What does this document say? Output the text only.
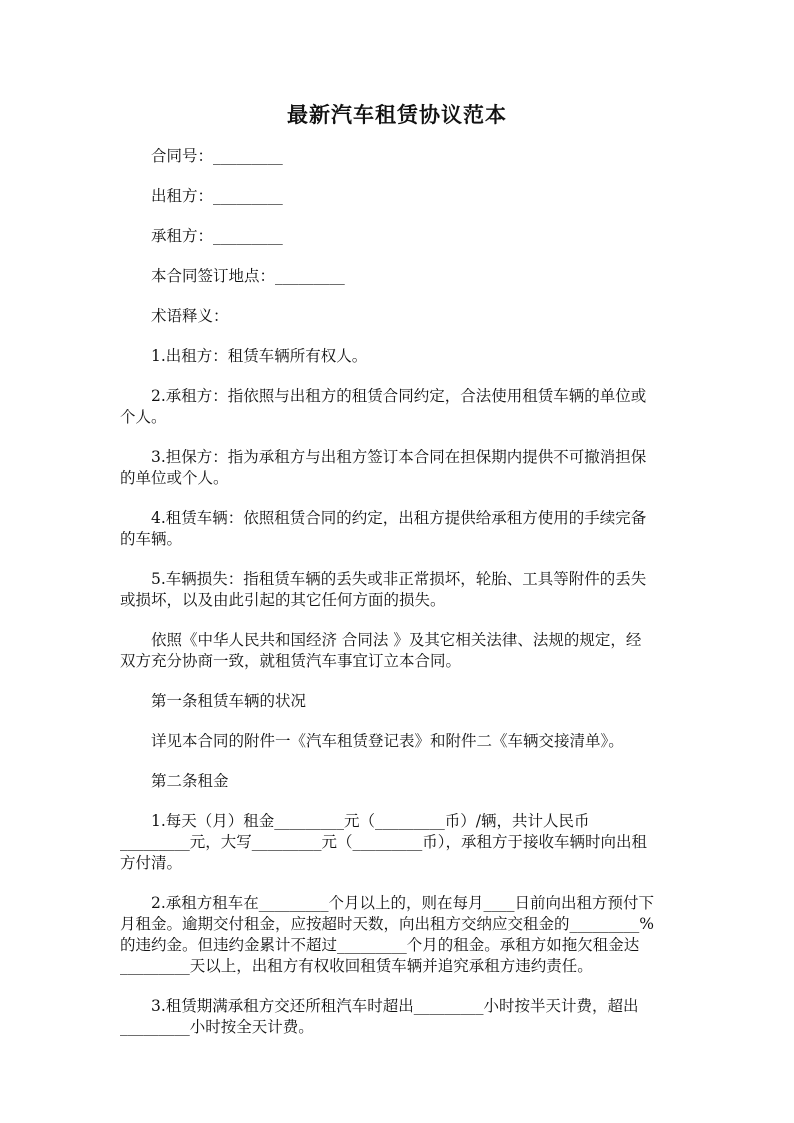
最新汽车租赁协议范本
合同号：_________
出租方：_________
承租方：_________
本合同签订地点：_________
术语释义：
1.出租方：租赁车辆所有权人。
2.承租方：指依照与出租方的租赁合同约定，合法使用租赁车辆的单位或
个人。
3.担保方：指为承租方与出租方签订本合同在担保期内提供不可撤消担保
的单位或个人。
4.租赁车辆：依照租赁合同的约定，出租方提供给承租方使用的手续完备
的车辆。
5.车辆损失：指租赁车辆的丢失或非正常损坏，轮胎、工具等附件的丢失
或损坏，以及由此引起的其它任何方面的损失。
依照《中华人民共和国经济 合同法 》及其它相关法律、法规的规定，经
双方充分协商一致，就租赁汽车事宜订立本合同。
第一条租赁车辆的状况
详见本合同的附件一《汽车租赁登记表》和附件二《车辆交接清单》。
第二条租金
1.每天（月）租金_________元（_________币）/辆，共计人民币
_________元，大写_________元（_________币），承租方于接收车辆时向出租
方付清。
2.承租方租车在_________个月以上的，则在每月____日前向出租方预付下
月租金。逾期交付租金，应按超时天数，向出租方交纳应交租金的_________%
的违约金。但违约金累计不超过_________个月的租金。承租方如拖欠租金达
_________天以上，出租方有权收回租赁车辆并追究承租方违约责任。
3.租赁期满承租方交还所租汽车时超出_________小时按半天计费，超出
_________小时按全天计费。
